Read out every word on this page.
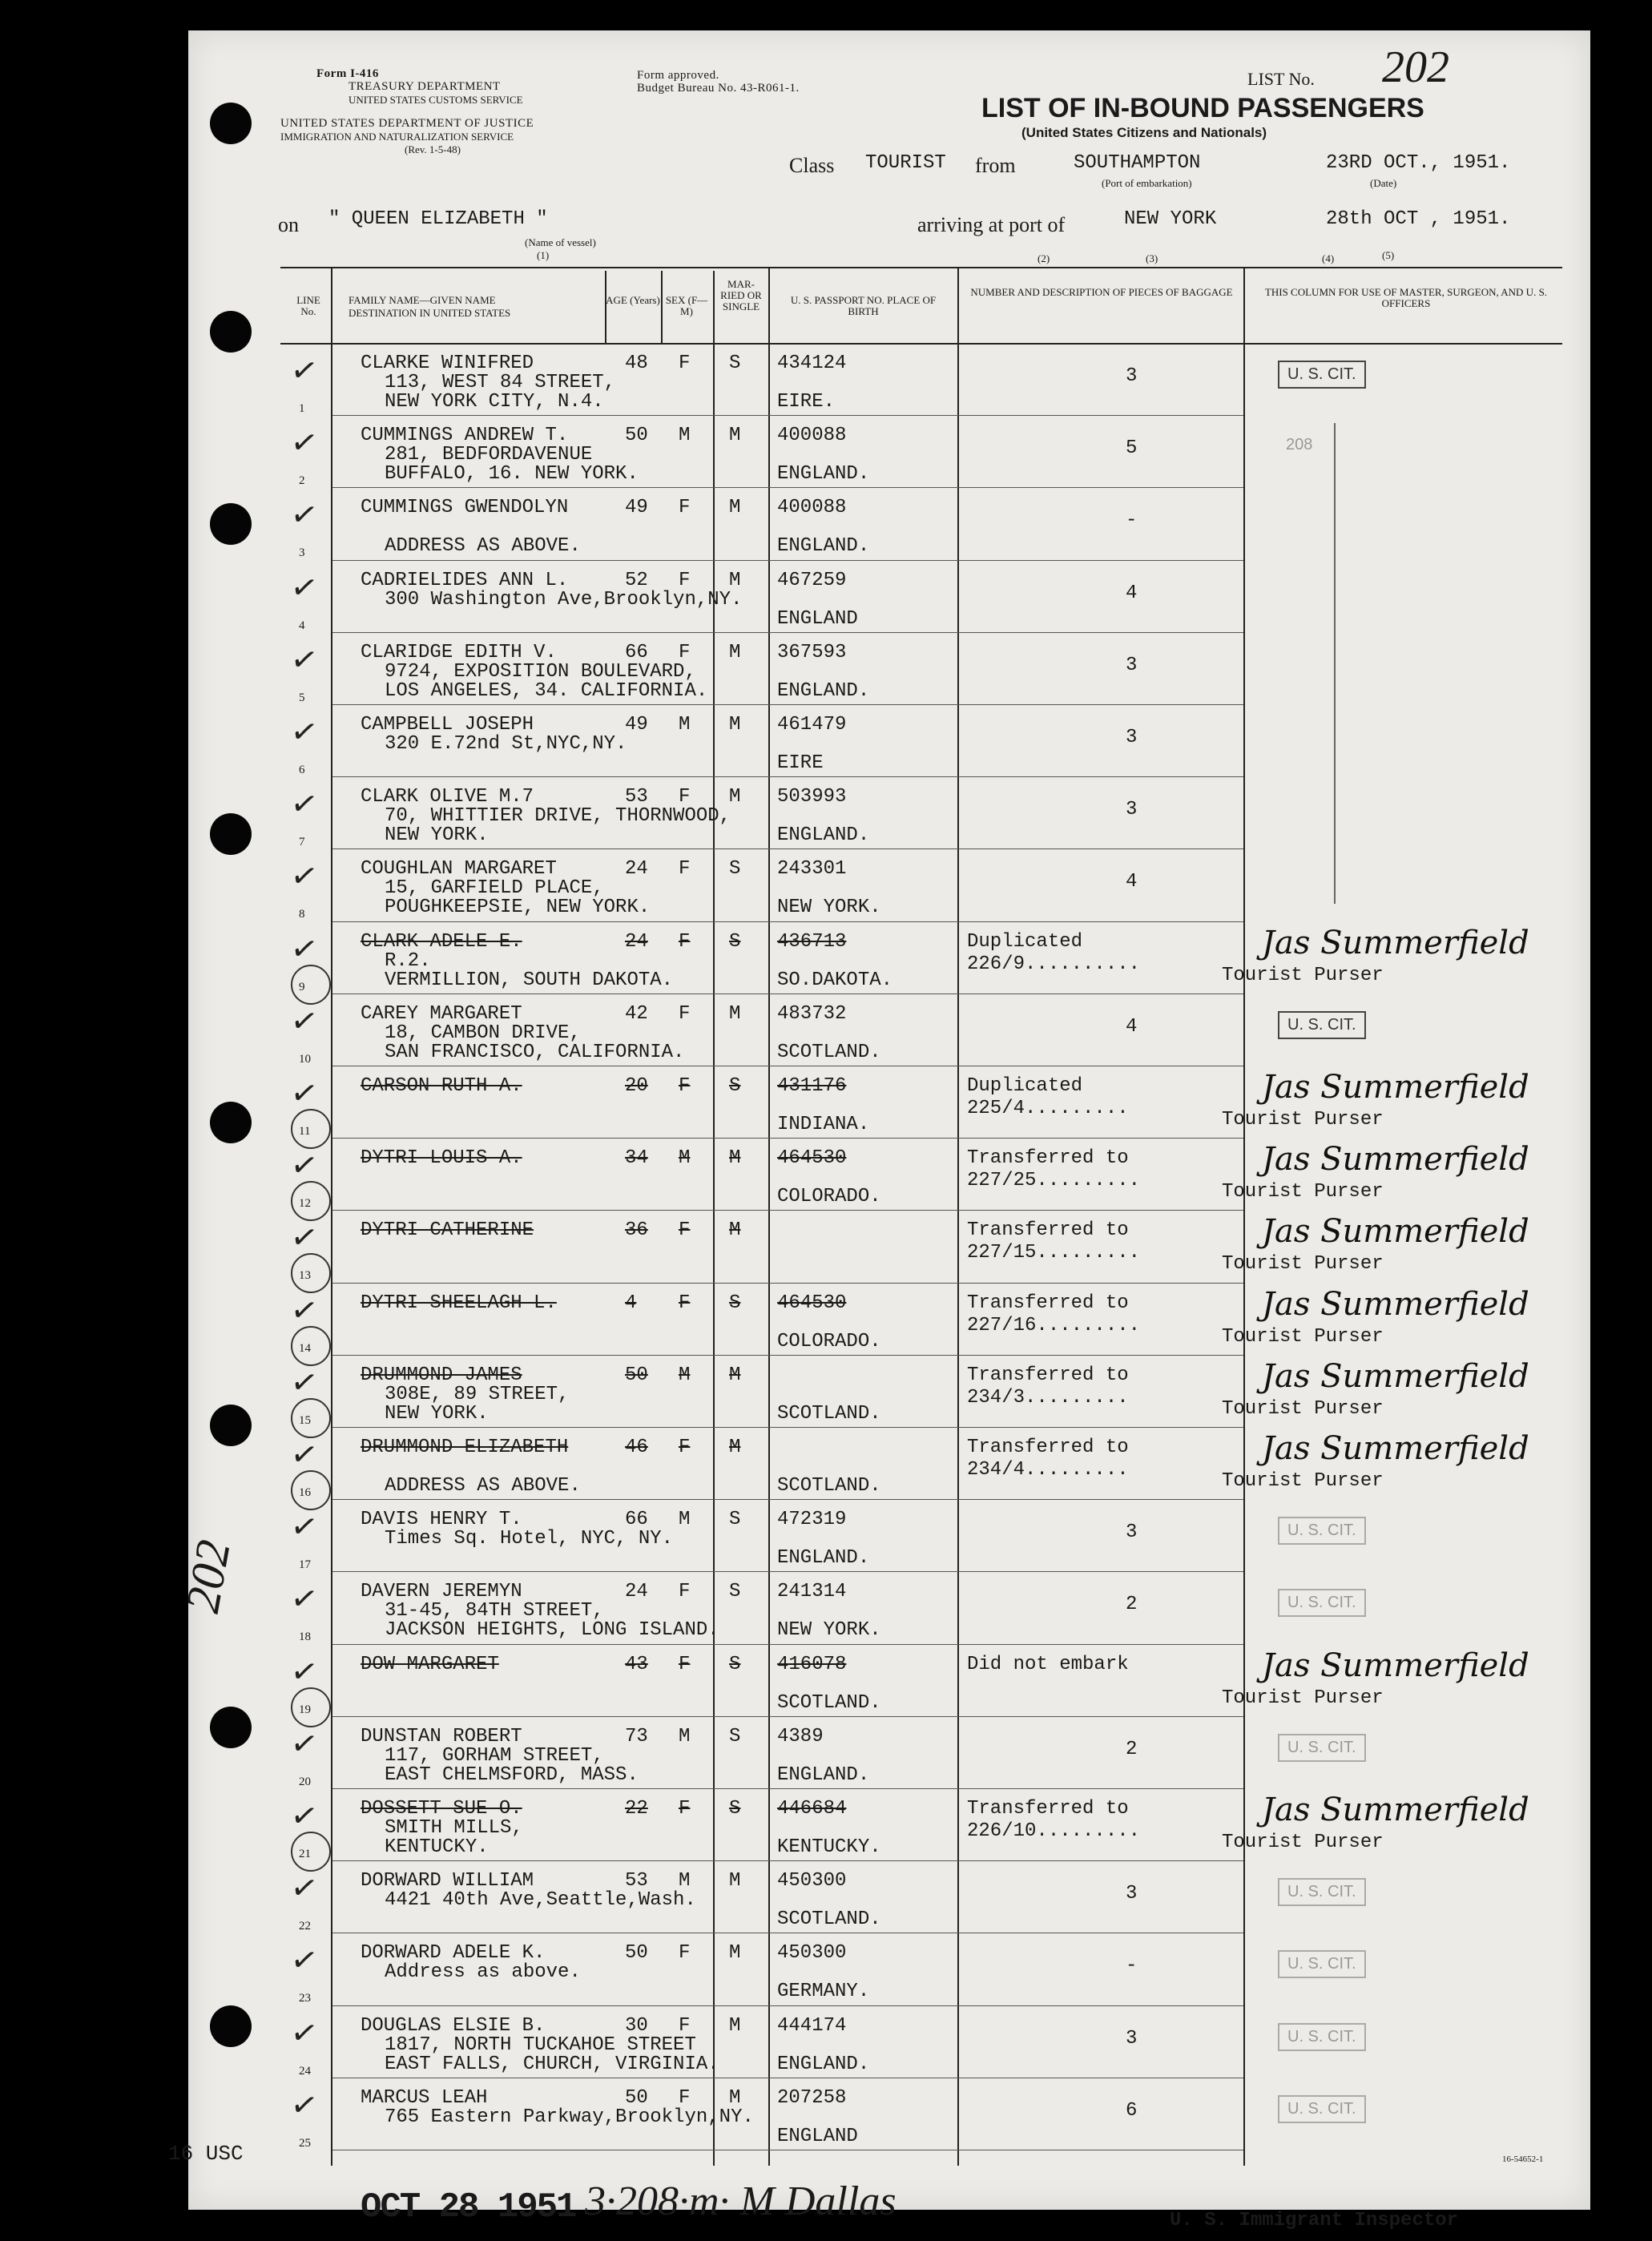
Form I-416
TREASURY DEPARTMENT
UNITED STATES CUSTOMS SERVICE
Form approved.
Budget Bureau No. 43-R061-1.
UNITED STATES DEPARTMENT OF JUSTICE
IMMIGRATION AND NATURALIZATION SERVICE
(Rev. 1-5-48)
LIST No. 202
LIST OF IN-BOUND PASSENGERS
(United States Citizens and Nationals)
Class TOURIST from	SOUTHAMPTON
(Port of embarkation)
23RD OCT., 1951.
(Date)
on " QUEEN ELIZABETH "
(Name of vessel)
(1)
arriving at port of	NEW YORK	28th OCT , 1951.
(5)
LINE No.
FAMILY NAME—GIVEN NAME
DESTINATION IN UNITED STATES
SEX (F—M)
AGE (Years)
MAR-RIED OR SINGLE
U. S. PASSPORT NO. PLACE OF BIRTH
NUMBER AND DESCRIPTION OF PIECES OF BAGGAGE	THIS COLUMN FOR USE OF MASTER, SURGEON, AND U. S. OFFICERS
(2)	(3)	(4)
1
✓ CLARKE WINIFRED	48 F S
113, WEST 84 STREET,
NEW YORK CITY, N.4.
434124
EIRE.
3	U. S. CIT.
2
✓ CUMMINGS ANDREW T.	50 M M
281, BEDFORDAVENUE
BUFFALO, 16. NEW YORK.
400088
ENGLAND.
5	208
3
✓ CUMMINGS GWENDOLYN	49 F M
ADDRESS AS ABOVE.
400088
ENGLAND.
-
4
✓ CADRIELIDES ANN L.	52 F M
300 Washington Ave,Brooklyn,NY.
467259
ENGLAND
4
5
✓ CLARIDGE EDITH V.	66 F M
9724, EXPOSITION BOULEVARD,
LOS ANGELES, 34. CALIFORNIA.
367593
ENGLAND.
3
6
✓ CAMPBELL JOSEPH	49 M M
320 E.72nd St,NYC,NY.
461479
EIRE
3
7
✓ CLARK OLIVE M.7	53 F M
70, WHITTIER DRIVE, THORNWOOD,
NEW YORK.
503993
ENGLAND.
3
8
✓ COUGHLAN MARGARET	24 F S
15, GARFIELD PLACE,
POUGHKEEPSIE, NEW YORK.
243301
NEW YORK.
4
9
✓ CLARK ADELE E.	24 F S
R.2.
VERMILLION, SOUTH DAKOTA.
436713
SO.DAKOTA.
Duplicated 226/9..........
Tourist Purser
Jas Summerfield
10
✓ CAREY MARGARET	42 F M
18, CAMBON DRIVE,
SAN FRANCISCO, CALIFORNIA.
483732
SCOTLAND.
4	U. S. CIT.
11
✓ CARSON RUTH A.	20 F S 431176
INDIANA.
Duplicated 225/4.........
Tourist Purser
Jas Summerfield
12
✓ DYTRI LOUIS A.	34 M M 464530
COLORADO.
Transferred to 227/25.........
Tourist Purser
Jas Summerfield
13
✓ DYTRI CATHERINE	36 F M	Transferred to 227/15.........
Tourist Purser
Jas Summerfield
14
✓ DYTRI SHEELAGH L.	4 F S 464530
COLORADO.
Transferred to 227/16.........
Tourist Purser
Jas Summerfield
15
✓ DRUMMOND JAMES	50 M M
308E, 89 STREET,
NEW YORK.	SCOTLAND.
Transferred to 234/3.........
Tourist Purser
Jas Summerfield
16
✓ DRUMMOND ELIZABETH	46 F M
ADDRESS AS ABOVE.	SCOTLAND.
Transferred to 234/4.........
Tourist Purser
Jas Summerfield
17
✓ DAVIS HENRY T.	66 M S
Times Sq. Hotel, NYC, NY.
472319
ENGLAND.
3	U. S. CIT.
18
✓ DAVERN JEREMYN	24 F S
31-45, 84TH STREET,
JACKSON HEIGHTS, LONG ISLAND.
241314
NEW YORK.
2	U. S. CIT.
19
✓ DOW MARGARET	43 F S 416078
SCOTLAND.
Did not embark
Tourist Purser
Jas Summerfield
20
✓ DUNSTAN ROBERT	73 M S
117, GORHAM STREET,
EAST CHELMSFORD, MASS.
4389
ENGLAND.
2	U. S. CIT.
21
✓ DOSSETT SUE O.	22 F S
SMITH MILLS,
KENTUCKY.
446684
KENTUCKY.
Transferred to 226/10.........
Tourist Purser
Jas Summerfield
22
✓ DORWARD WILLIAM	53 M M
4421 40th Ave,Seattle,Wash.
450300
SCOTLAND.
3	U. S. CIT.
23
✓ DORWARD ADELE K.	50 F M
Address as above.
450300
GERMANY.
-	U. S. CIT.
24
✓ DOUGLAS ELSIE B.	30 F M
1817, NORTH TUCKAHOE STREET
EAST FALLS, CHURCH, VIRGINIA.
444174
ENGLAND.
3	U. S. CIT.
25
✓ MARCUS LEAH	50 F M
765 Eastern Parkway,Brooklyn,NY.
207258
ENGLAND
6	U. S. CIT.
202
16 USC
OCT 28 1951 3·208·m· M Dallas	U. S. Immigrant Inspector
16-54652-1
